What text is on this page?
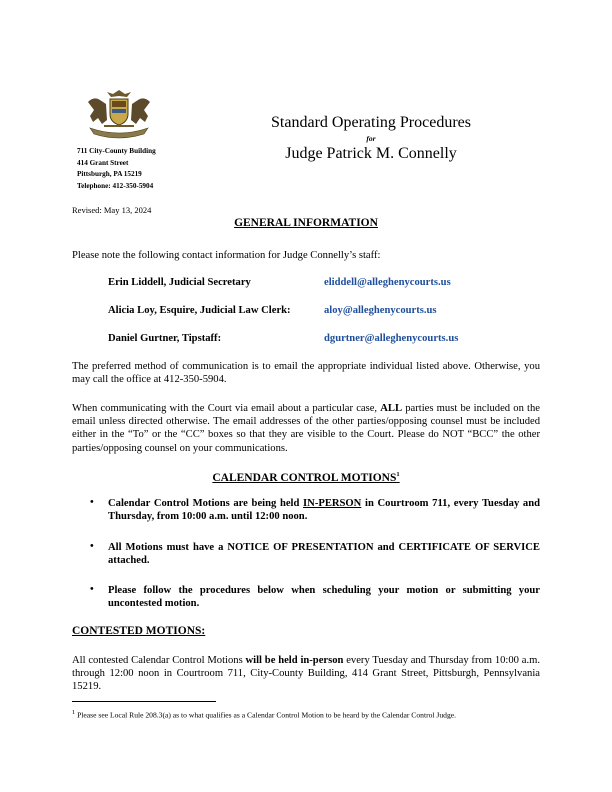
711 City-County Building
414 Grant Street
Pittsburgh, PA 15219
Telephone: 412-350-5904
Standard Operating Procedures
for
Judge Patrick M. Connelly
Revised: May 13, 2024
GENERAL INFORMATION
Please note the following contact information for Judge Connelly’s staff:
Erin Liddell, Judicial Secretary	eliddell@alleghenycourts.us
Alicia Loy, Esquire, Judicial Law Clerk:	aloy@alleghenycourts.us
Daniel Gurtner, Tipstaff:	dgurtner@alleghenycourts.us
The preferred method of communication is to email the appropriate individual listed above. Otherwise, you may call the office at 412-350-5904.
When communicating with the Court via email about a particular case, ALL parties must be included on the email unless directed otherwise. The email addresses of the other parties/opposing counsel must be included either in the “To” or the “CC” boxes so that they are visible to the Court. Please do NOT “BCC” the other parties/opposing counsel on your communications.
CALENDAR CONTROL MOTIONS$^1$
• Calendar Control Motions are being held IN-PERSON in Courtroom 711, every Tuesday and Thursday, from 10:00 a.m. until 12:00 noon.
• All Motions must have a NOTICE OF PRESENTATION and CERTIFICATE OF SERVICE attached.
• Please follow the procedures below when scheduling your motion or submitting your uncontested motion.
CONTESTED MOTIONS:
All contested Calendar Control Motions will be held in-person every Tuesday and Thursday from 10:00 a.m. through 12:00 noon in Courtroom 711, City-County Building, 414 Grant Street, Pittsburgh, Pennsylvania 15219.
$^1$ Please see Local Rule 208.3(a) as to what qualifies as a Calendar Control Motion to be heard by the Calendar Control Judge.
